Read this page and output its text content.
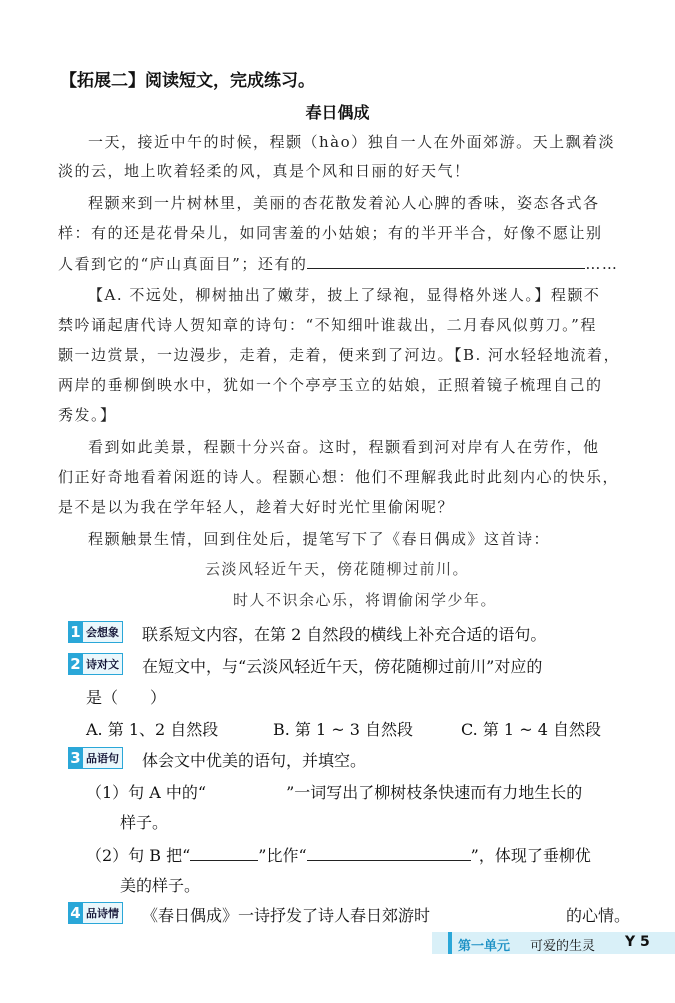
【拓展二】阅读短文，完成练习。
春日偶成
一天，接近中午的时候，程颢（hào）独自一人在外面郊游。天上飘着淡
淡的云，地上吹着轻柔的风，真是个风和日丽的好天气！
程颢来到一片树林里，美丽的杏花散发着沁人心脾的香味，姿态各式各
样：有的还是花骨朵儿，如同害羞的小姑娘；有的半开半合，好像不愿让别
人看到它的“庐山真面目”；还有的	……
【A. 不远处，柳树抽出了嫩芽，披上了绿袍，显得格外迷人。】程颢不
禁吟诵起唐代诗人贺知章的诗句：“不知细叶谁裁出，二月春风似剪刀。”程
颢一边赏景，一边漫步，走着，走着，便来到了河边。【B. 河水轻轻地流着，
两岸的垂柳倒映水中，犹如一个个亭亭玉立的姑娘，正照着镜子梳理自己的
秀发。】
看到如此美景，程颢十分兴奋。这时，程颢看到河对岸有人在劳作，他
们正好奇地看着闲逛的诗人。程颢心想：他们不理解我此时此刻内心的快乐，
是不是以为我在学年轻人，趁着大好时光忙里偷闲呢？
程颢触景生情，回到住处后，提笔写下了《春日偶成》这首诗：
云淡风轻近午天，傍花随柳过前川。
时人不识余心乐，将谓偷闲学少年。
1 会想象 联系短文内容，在第 2 自然段的横线上补充合适的语句。
2 诗对文 在短文中，与“云淡风轻近午天，傍花随柳过前川”对应的
是（　　）
A. 第 1、2 自然段	B. 第 1 ~ 3 自然段	C. 第 1 ~ 4 自然段
3 品语句 体会文中优美的语句，并填空。
（1）句 A 中的“	”一词写出了柳树枝条快速而有力地生长的
样子。
（2）句 B 把“	”比作“	”，体现了垂柳优
美的样子。
4 品诗情 《春日偶成》一诗抒发了诗人春日郊游时	的心情。
第一单元 可爱的生灵 Y 5
